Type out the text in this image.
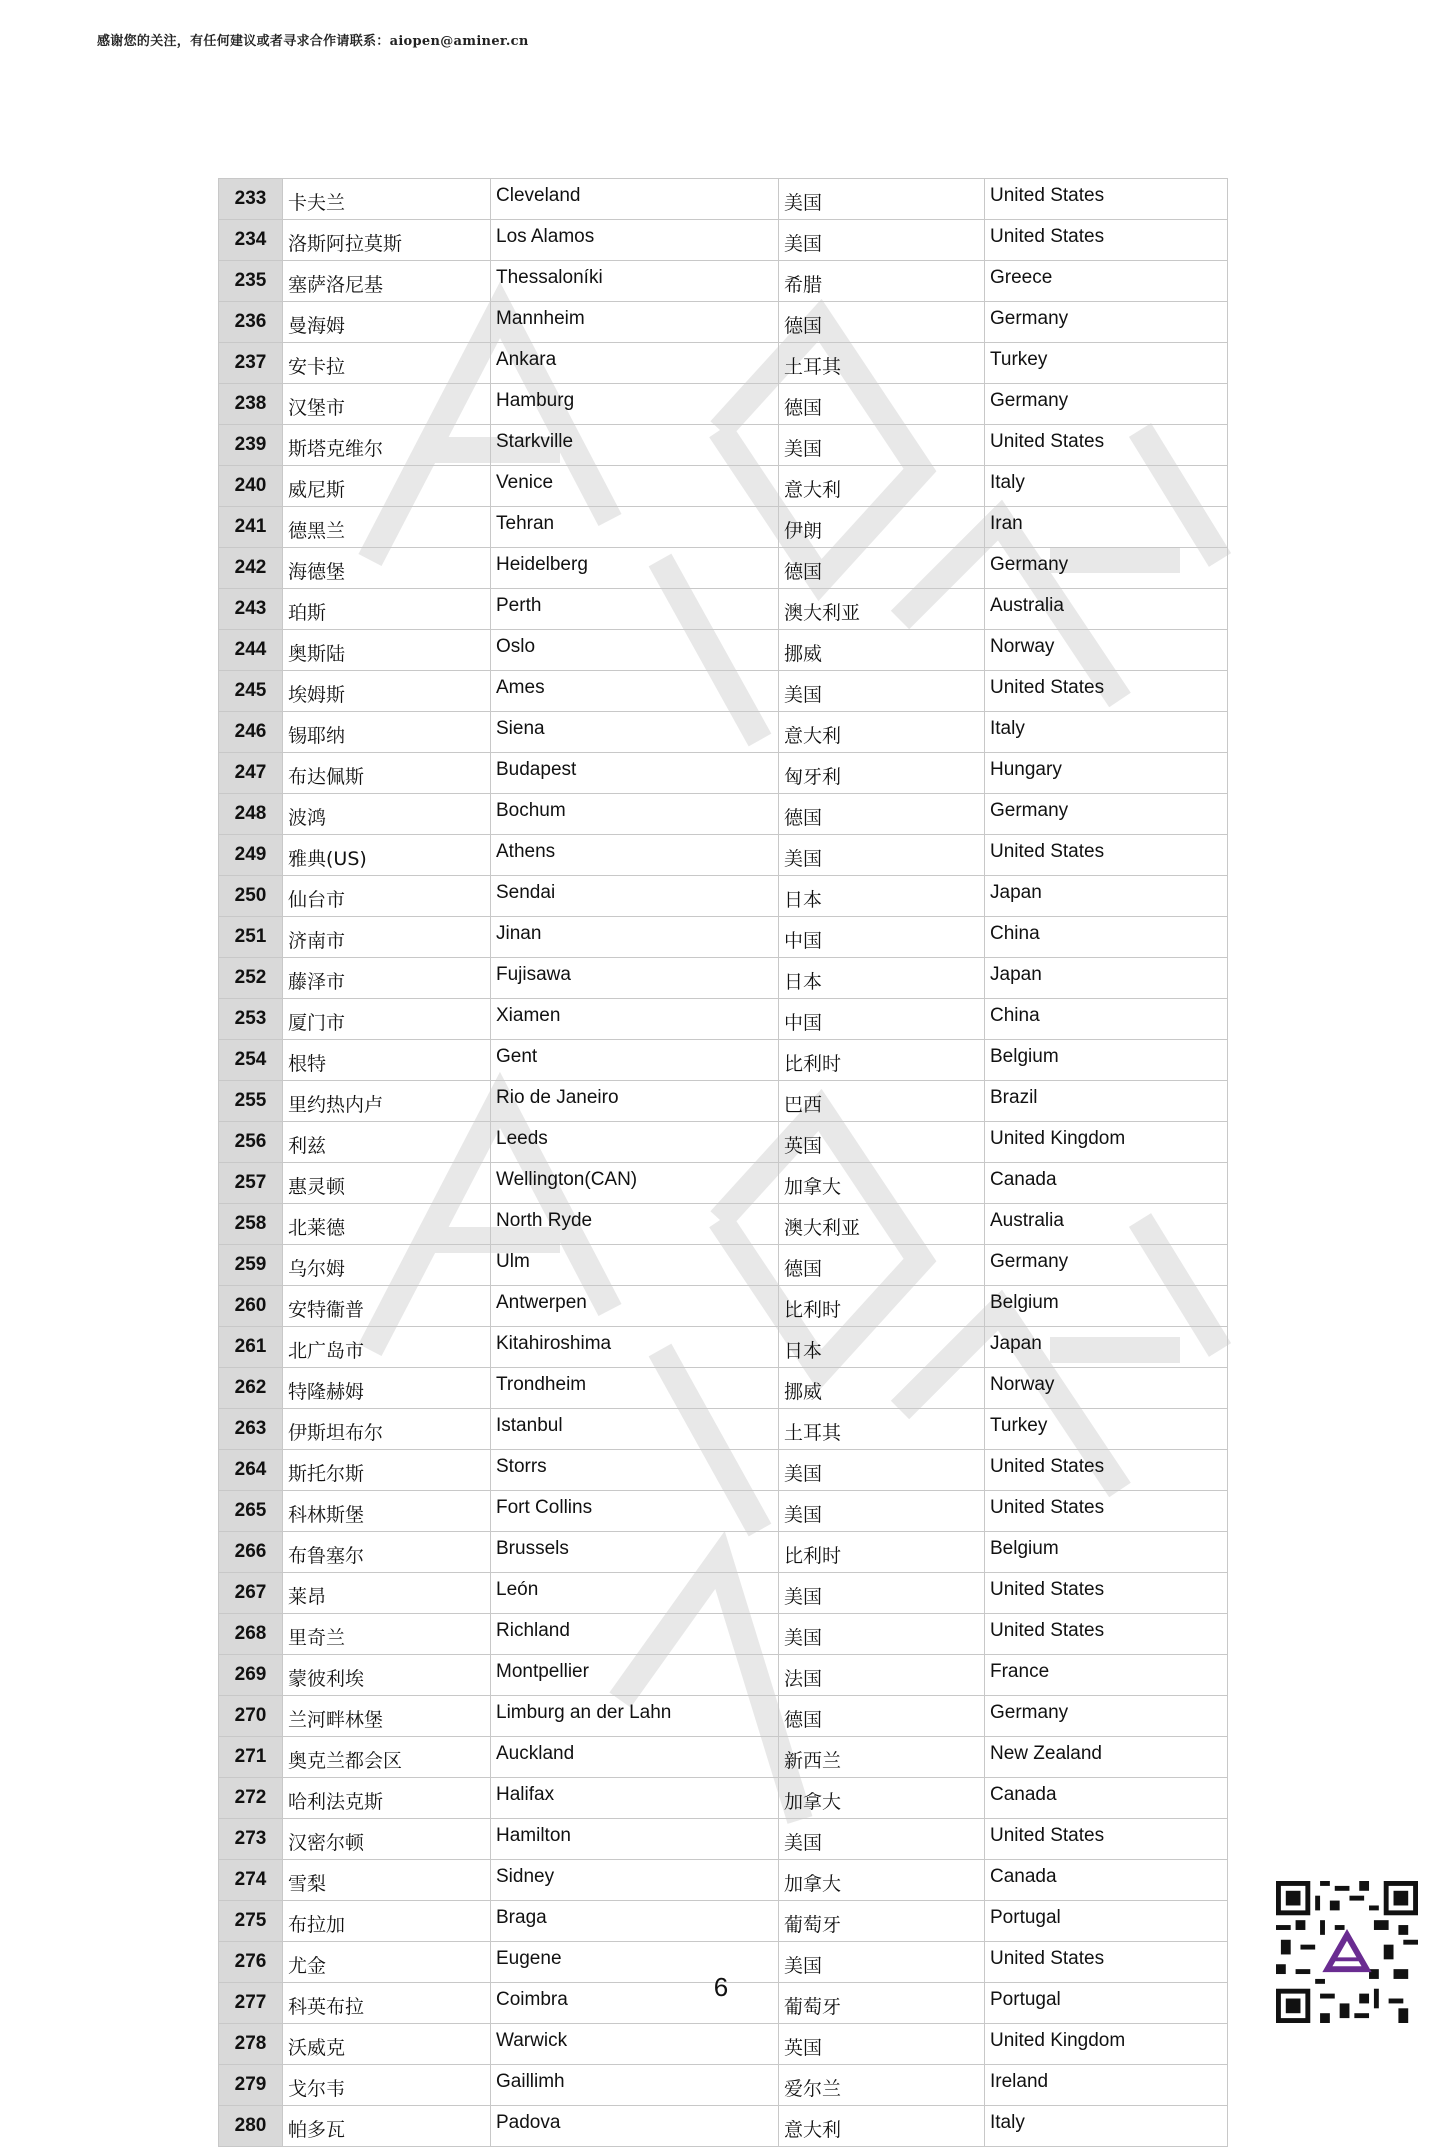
感谢您的关注，有任何建议或者寻求合作请联系：aiopen@aminer.cn
233	卡夫兰	Cleveland	美国	United States
234	洛斯阿拉莫斯	Los Alamos	美国	United States
235	塞萨洛尼基	Thessaloníki	希腊	Greece
236	曼海姆	Mannheim	德国	Germany
237	安卡拉	Ankara	土耳其	Turkey
238	汉堡市	Hamburg	德国	Germany
239	斯塔克维尔	Starkville	美国	United States
240	威尼斯	Venice	意大利	Italy
241	德黑兰	Tehran	伊朗	Iran
242	海德堡	Heidelberg	德国	Germany
243	珀斯	Perth	澳大利亚	Australia
244	奥斯陆	Oslo	挪威	Norway
245	埃姆斯	Ames	美国	United States
246	锡耶纳	Siena	意大利	Italy
247	布达佩斯	Budapest	匈牙利	Hungary
248	波鸿	Bochum	德国	Germany
249	雅典(US)	Athens	美国	United States
250	仙台市	Sendai	日本	Japan
251	济南市	Jinan	中国	China
252	藤泽市	Fujisawa	日本	Japan
253	厦门市	Xiamen	中国	China
254	根特	Gent	比利时	Belgium
255	里约热内卢	Rio de Janeiro	巴西	Brazil
256	利兹	Leeds	英国	United Kingdom
257	惠灵顿	Wellington(CAN)	加拿大	Canada
258	北莱德	North Ryde	澳大利亚	Australia
259	乌尔姆	Ulm	德国	Germany
260	安特衞普	Antwerpen	比利时	Belgium
261	北广岛市	Kitahiroshima	日本	Japan
262	特隆赫姆	Trondheim	挪威	Norway
263	伊斯坦布尔	Istanbul	土耳其	Turkey
264	斯托尔斯	Storrs	美国	United States
265	科林斯堡	Fort Collins	美国	United States
266	布鲁塞尔	Brussels	比利时	Belgium
267	莱昂	León	美国	United States
268	里奇兰	Richland	美国	United States
269	蒙彼利埃	Montpellier	法国	France
270	兰河畔林堡	Limburg an der Lahn	德国	Germany
271	奥克兰都会区	Auckland	新西兰	New Zealand
272	哈利法克斯	Halifax	加拿大	Canada
273	汉密尔顿	Hamilton	美国	United States
274	雪梨	Sidney	加拿大	Canada
275	布拉加	Braga	葡萄牙	Portugal
276	尤金	Eugene	美国	United States
277	科英布拉	Coimbra	葡萄牙	Portugal
278	沃威克	Warwick	英国	United Kingdom
279	戈尔韦	Gaillimh	爱尔兰	Ireland
280	帕多瓦	Padova	意大利	Italy
6
